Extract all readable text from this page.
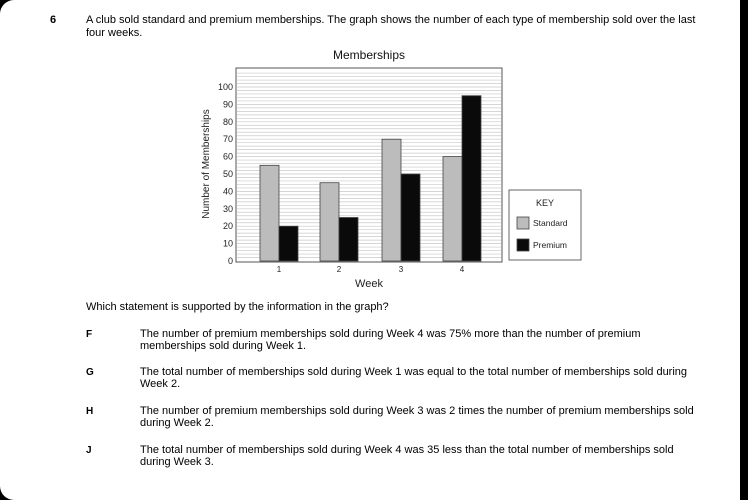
6	A club sold standard and premium memberships. The graph shows the number of each type of membership sold over the last four weeks.
Memberships
0
10
20
30
40
50
60
70
80
90
100
Number of Memberships
1	2	3	4
Week
KEY
Standard
Premium
Which statement is supported by the information in the graph?
F	The number of premium memberships sold during Week 4 was 75% more than the number of premium memberships sold during Week 1.
G	The total number of memberships sold during Week 1 was equal to the total number of memberships sold during Week 2.
H	The number of premium memberships sold during Week 3 was 2 times the number of premium memberships sold during Week 2.
J	The total number of memberships sold during Week 4 was 35 less than the total number of memberships sold during Week 3.
